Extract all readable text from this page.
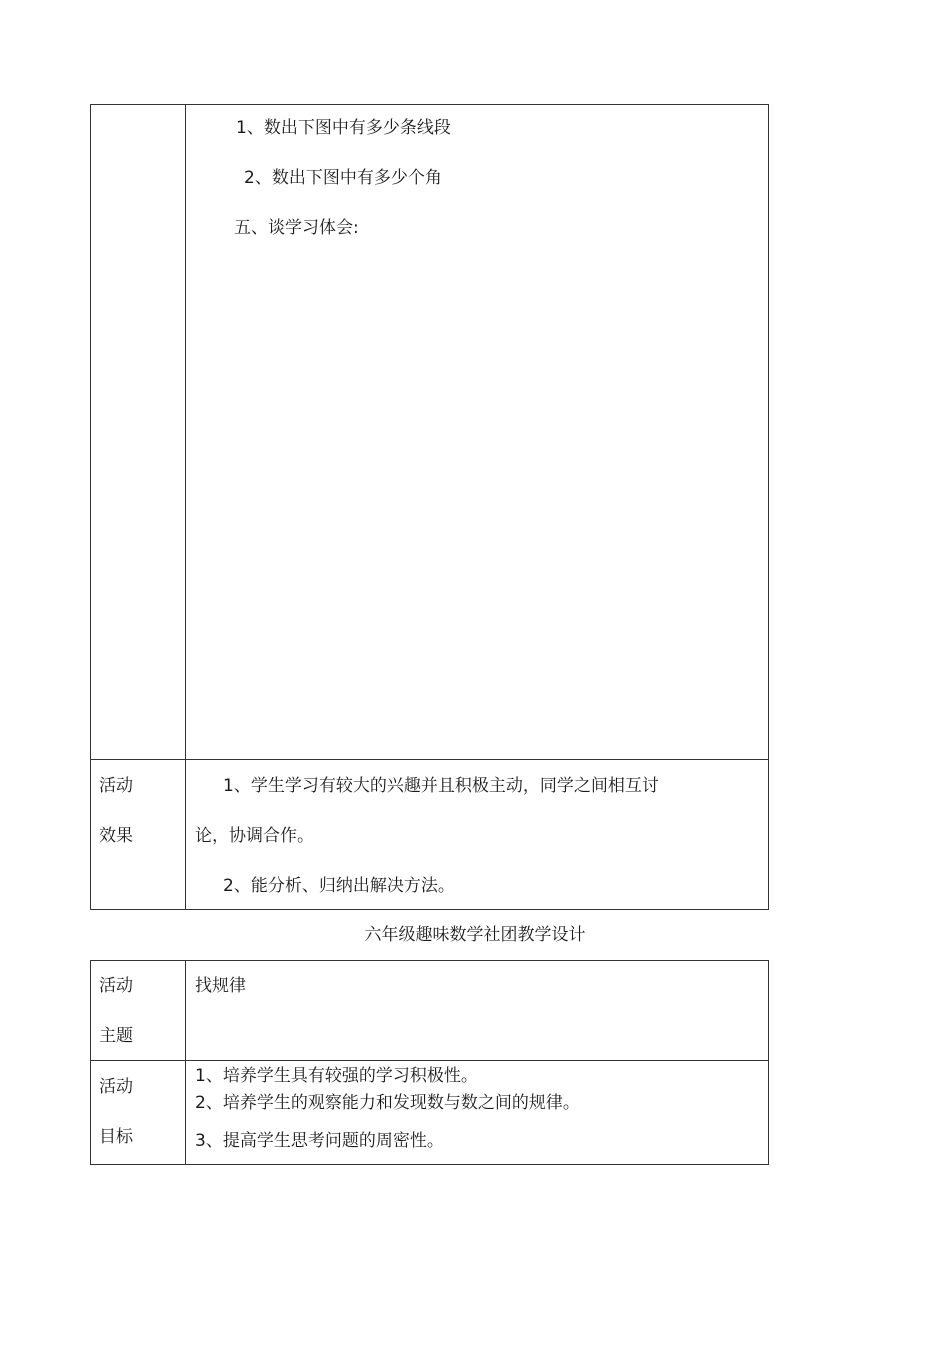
1、数出下图中有多少条线段
2、数出下图中有多少个角
五、谈学习体会:
活动
效果
1、学生学习有较大的兴趣并且积极主动，同学之间相互讨
论，协调合作。
2、能分析、归纳出解决方法。
六年级趣味数学社团教学设计
活动
主题
找规律
活动
目标
1、培养学生具有较强的学习积极性。
2、培养学生的观察能力和发现数与数之间的规律。
3、提高学生思考问题的周密性。
